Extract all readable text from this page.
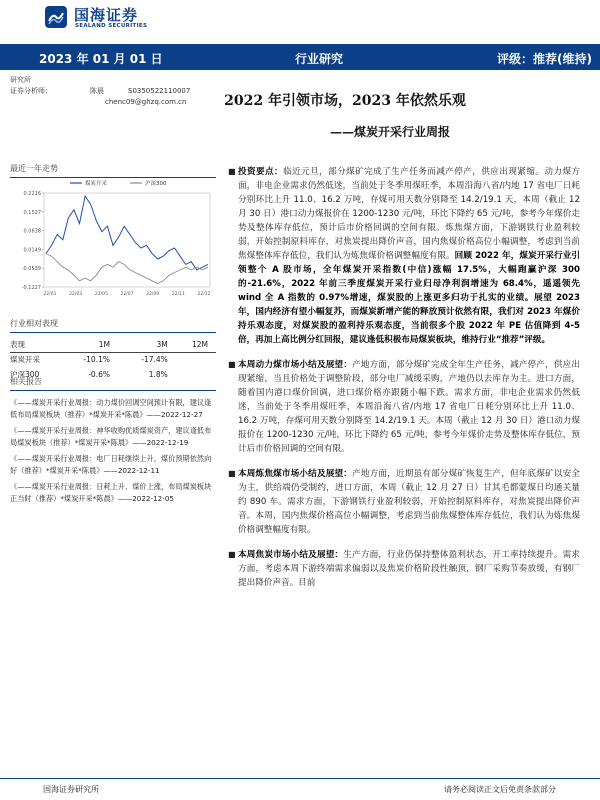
国海证券
SEALAND SECURITIES
2023 年 01 月 01 日	行业研究	评级：推荐(维持)
研究所
证券分析师：	陈晨	S0350522110007
chenc09@ghzq.com.cn	2022 年引领市场，2023 年依然乐观
——煤炭开采行业周报
最近一年走势
0.2216
0.1527
0.0838
0.0149
-0.0539
-0.1227
22/01	22/03	22/05	22/07	22/09	22/11	22/12
煤炭开采	沪深300
行业相对表现
表现	1M	3M	12M
煤炭开采	-10.1%	-17.4%	
沪深300	-0.6%	1.8%	
相关报告
《——煤炭开采行业周报：动力煤价回调空间预计有限，建议逢低布局煤炭板块（推荐）*煤炭开采*陈晨》——2022-12-27
《——煤炭开采行业周报：神华收购优质煤炭资产，建议逢低布局煤炭板块（推荐）*煤炭开采*陈晨》——2022-12-19
《——煤炭开采行业周报：电厂日耗继续上升，煤价预期依然向好（推荐）*煤炭开采*陈晨》——2022-12-11
《——煤炭开采行业周报：日耗上升、煤价上涨，布局煤炭板块正当时（推荐）*煤炭开采*陈晨》——2022-12-05
■ 投资要点：临近元旦，部分煤矿完成了生产任务而减产停产，供应出现紧缩。动力煤方面，非电企业需求仍然低迷，当前处于冬季用煤旺季，本周沿海八省/内地 17 省电厂日耗分别环比上升 11.0、16.2 万吨，存煤可用天数分别降至 14.2/19.1 天，本周（截止 12 月 30 日）港口动力煤报价在 1200-1230 元/吨，环比下降约 65 元/吨，参考今年煤价走势及整体库存低位，预计后市价格回调的空间有限。炼焦煤方面，下游钢铁行业盈利较弱，开始控制原料库存，对焦炭提出降价声音，国内焦煤价格高位小幅调整，考虑到当前焦煤整体库存低位，我们认为炼焦煤价格调整幅度有限。回顾 2022 年，煤炭开采行业引领整个 A 股市场，全年煤炭开采指数(中信)涨幅 17.5%，大幅跑赢沪深 300 的-21.6%，2022 年前三季度煤炭开采行业归母净利润增速为 68.4%，遥遥领先 wind 全 A 指数的 0.97%增速，煤炭股的上涨更多归功于扎实的业绩。展望 2023 年，国内经济有望小幅复苏，而煤炭新增产能的释放预计依然有限，我们对 2023 年煤价持乐观态度，对煤炭股的盈利持乐观态度，当前很多个股 2022 年 PE 估值降到 4-5 倍，再加上高比例分红回报，建议逢低积极布局煤炭板块，维持行业“推荐”评级。
■ 本周动力煤市场小结及展望：产地方面，部分煤矿完成全年生产任务，减产停产，供应出现紧缩，当且价格处于调整阶段，部分电厂减缓采购，产地仍以去库存为主。进口方面，随着国内港口煤价回调，进口煤价格亦跟随小幅下跌。需求方面，非电企业需求仍然低迷，当前处于冬季用煤旺季，本周沿海八省/内地 17 省电厂日耗分别环比上升 11.0、16.2 万吨，存煤可用天数分别降至 14.2/19.1 天。本周（截止 12 月 30 日）港口动力煤报价在 1200-1230 元/吨，环比下降约 65 元/吨，参考今年煤价走势及整体库存低位，预计后市价格回调的空间有限。
■ 本周炼焦煤市场小结及展望：产地方面，近期虽有部分煤矿恢复生产，但年底煤矿以安全为主，供给端仍受制约，进口方面，本周（截止 12 月 27 日）甘其毛都蒙煤日均通关量约 890 车。需求方面，下游钢铁行业盈利较弱，开始控制原料库存，对焦炭提出降价声音。本周，国内焦煤价格高位小幅调整，考虑到当前焦煤整体库存低位，我们认为炼焦煤价格调整幅度有限。
■ 本周焦炭市场小结及展望：生产方面，行业仍保持整体盈利状态，开工率持续提升。需求方面，考虑本周下游终端需求偏弱以及焦炭价格阶段性触顶，钢厂采购节奏放缓，有钢厂提出降价声音。目前
国海证券研究所	请务必阅读正文后免责条款部分
